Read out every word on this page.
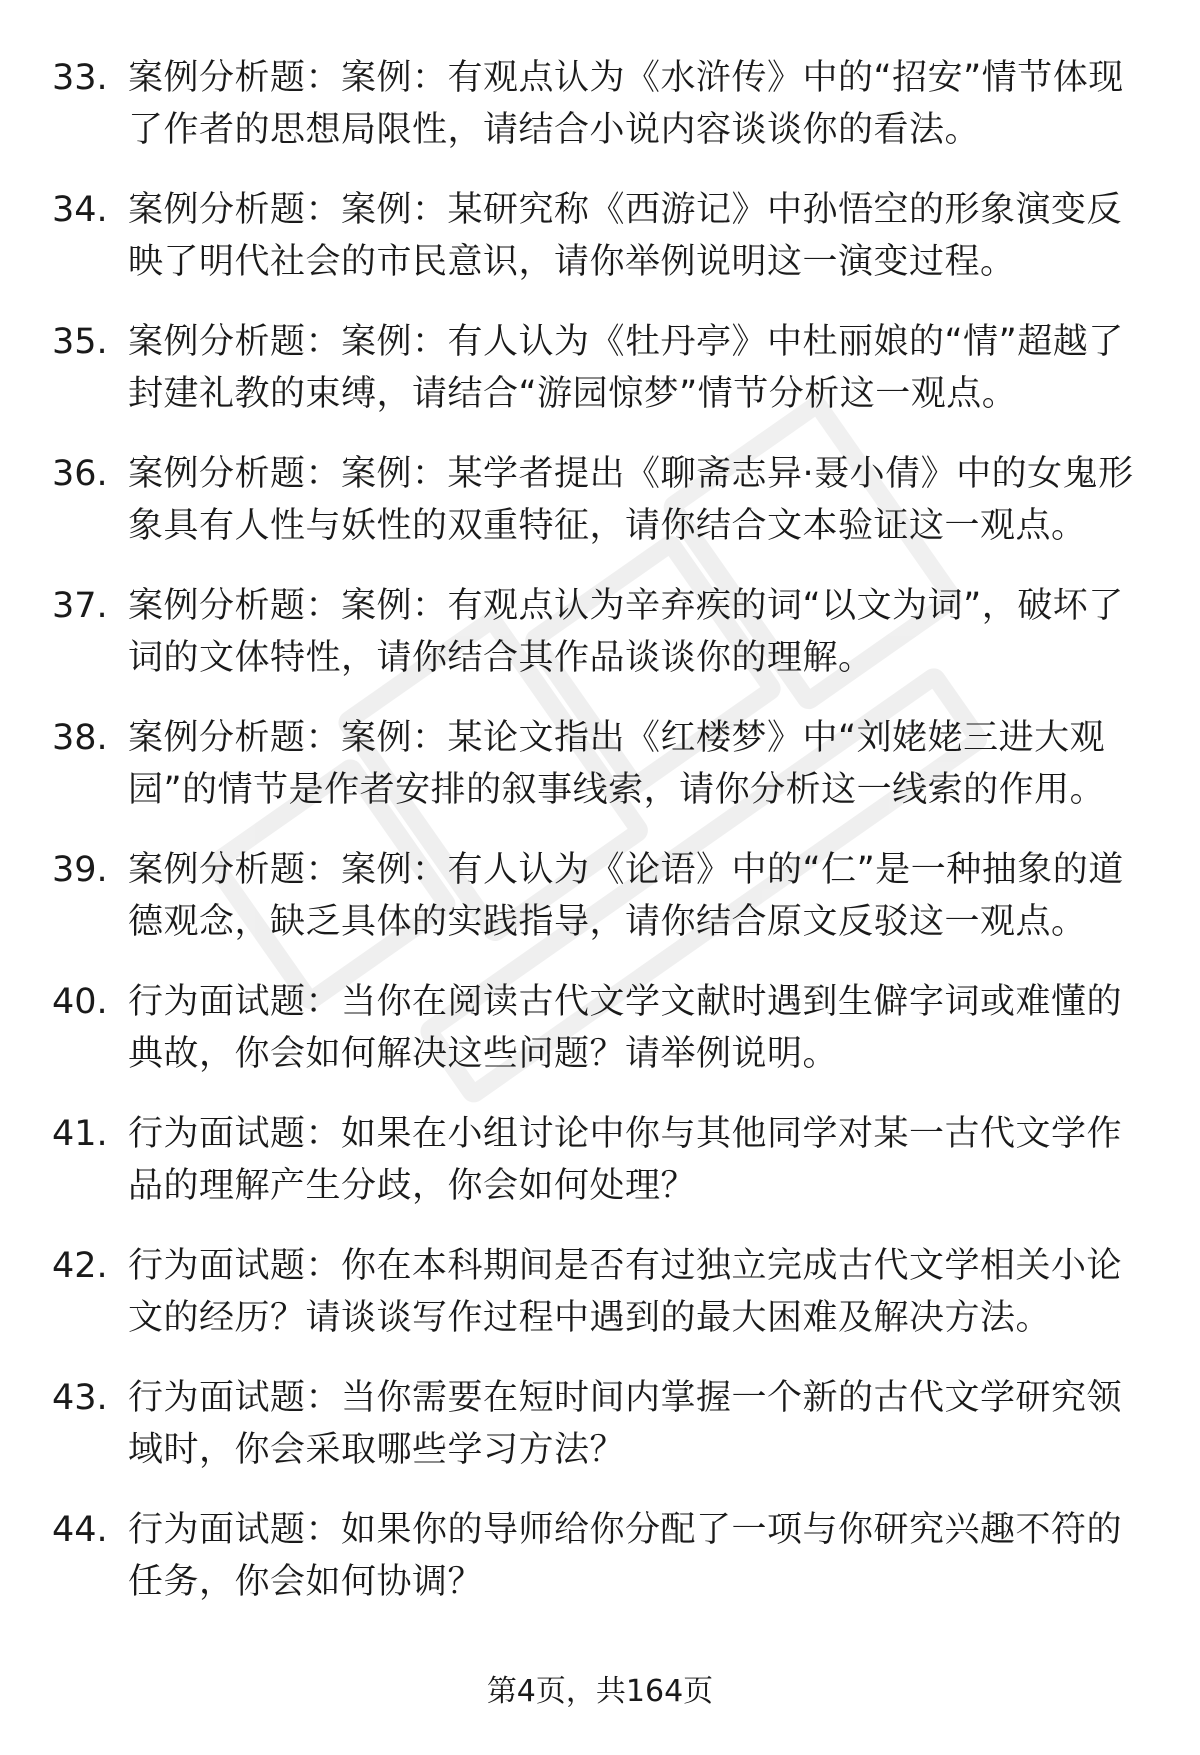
33. 案例分析题：案例：有观点认为《水浒传》中的“招安”情节体现了作者的思想局限性，请结合小说内容谈谈你的看法。
34. 案例分析题：案例：某研究称《西游记》中孙悟空的形象演变反映了明代社会的市民意识，请你举例说明这一演变过程。
35. 案例分析题：案例：有人认为《牡丹亭》中杜丽娘的“情”超越了封建礼教的束缚，请结合“游园惊梦”情节分析这一观点。
36. 案例分析题：案例：某学者提出《聊斋志异·聂小倩》中的女鬼形象具有人性与妖性的双重特征，请你结合文本验证这一观点。
37. 案例分析题：案例：有观点认为辛弃疾的词“以文为词”，破坏了词的文体特性，请你结合其作品谈谈你的理解。
38. 案例分析题：案例：某论文指出《红楼梦》中“刘姥姥三进大观园”的情节是作者安排的叙事线索，请你分析这一线索的作用。
39. 案例分析题：案例：有人认为《论语》中的“仁”是一种抽象的道德观念，缺乏具体的实践指导，请你结合原文反驳这一观点。
40. 行为面试题：当你在阅读古代文学文献时遇到生僻字词或难懂的典故，你会如何解决这些问题？请举例说明。
41. 行为面试题：如果在小组讨论中你与其他同学对某一古代文学作品的理解产生分歧，你会如何处理？
42. 行为面试题：你在本科期间是否有过独立完成古代文学相关小论文的经历？请谈谈写作过程中遇到的最大困难及解决方法。
43. 行为面试题：当你需要在短时间内掌握一个新的古代文学研究领域时，你会采取哪些学习方法？
44. 行为面试题：如果你的导师给你分配了一项与你研究兴趣不符的任务，你会如何协调？
第4页，共164页
